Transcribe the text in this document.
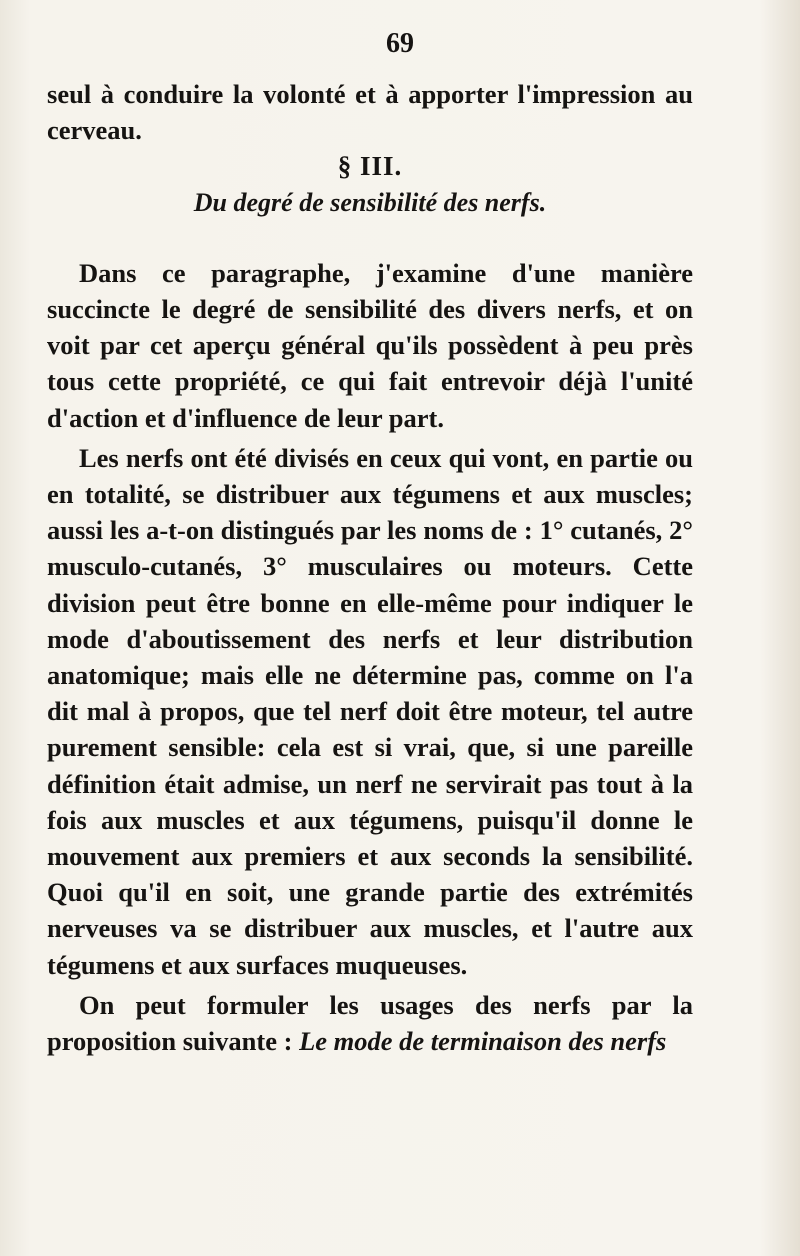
69

seul à conduire la volonté et à apporter l'impression au cerveau.

§ III.

Du degré de sensibilité des nerfs.

Dans ce paragraphe, j'examine d'une manière succincte le degré de sensibilité des divers nerfs, et on voit par cet aperçu général qu'ils possèdent à peu près tous cette propriété, ce qui fait entrevoir déjà l'unité d'action et d'influence de leur part.

Les nerfs ont été divisés en ceux qui vont, en partie ou en totalité, se distribuer aux tégumens et aux muscles; aussi les a-t-on distingués par les noms de : 1° cutanés, 2° musculo-cutanés, 3° musculaires ou moteurs. Cette division peut être bonne en elle-même pour indiquer le mode d'aboutissement des nerfs et leur distribution anatomique; mais elle ne détermine pas, comme on l'a dit mal à propos, que tel nerf doit être moteur, tel autre purement sensible: cela est si vrai, que, si une pareille définition était admise, un nerf ne servirait pas tout à la fois aux muscles et aux tégumens, puisqu'il donne le mouvement aux premiers et aux seconds la sensibilité. Quoi qu'il en soit, une grande partie des extrémités nerveuses va se distribuer aux muscles, et l'autre aux tégumens et aux surfaces muqueuses.

On peut formuler les usages des nerfs par la proposition suivante : Le mode de terminaison des nerfs
